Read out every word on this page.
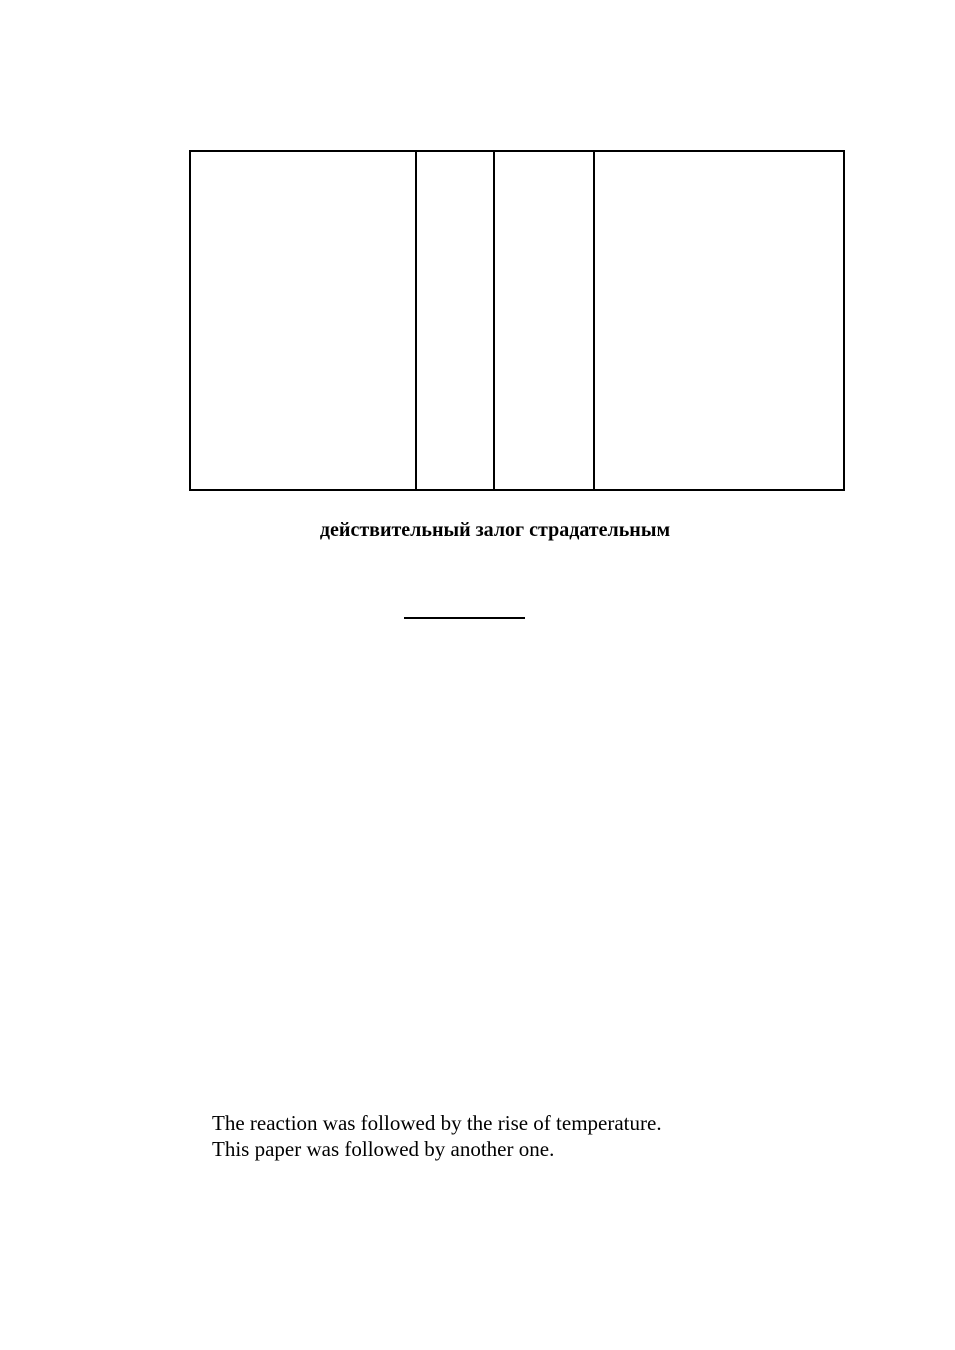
действительный залог страдательным
The reaction was followed by the rise of temperature.
This paper was followed by another one.
